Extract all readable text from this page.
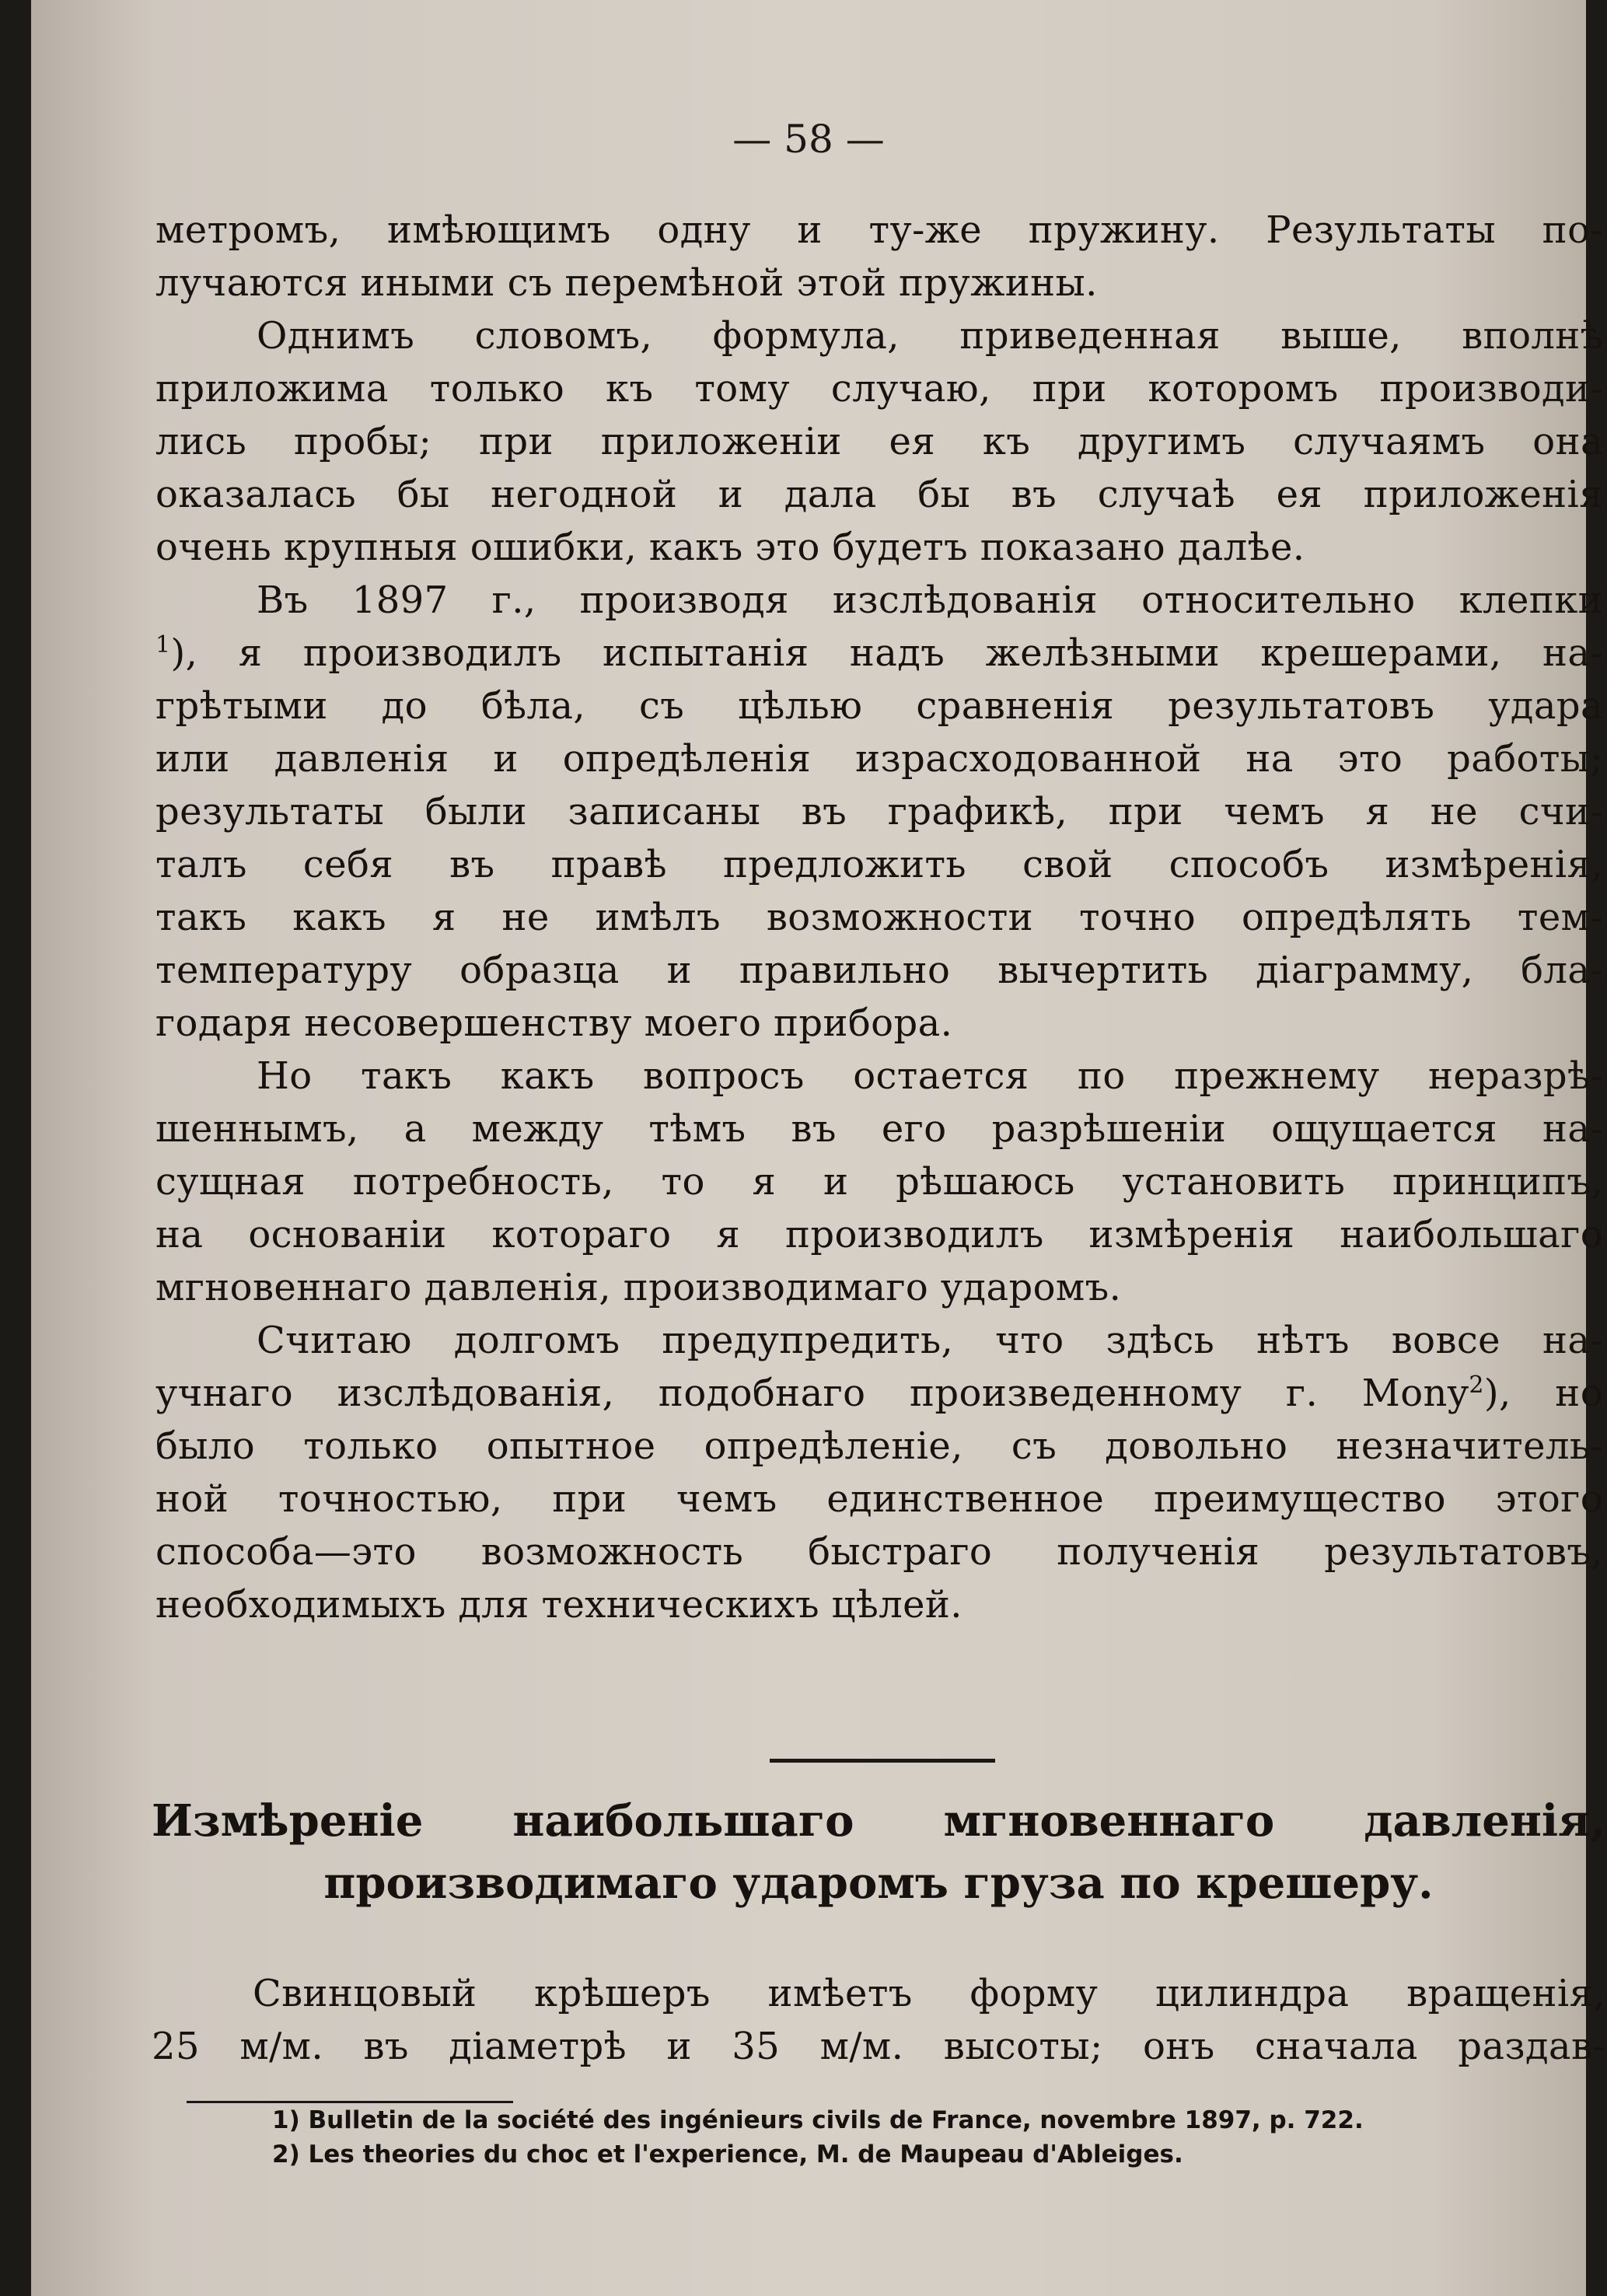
— 58 —
метромъ, имѣющимъ одну и ту-же пружину. Результаты по-
лучаются иными съ перемѣной этой пружины.
Однимъ словомъ, формула, приведенная выше, вполнѣ
приложима только къ тому случаю, при которомъ производи-
лись пробы; при приложеніи ея къ другимъ случаямъ она
оказалась бы негодной и дала бы въ случаѣ ея приложенія
очень крупныя ошибки, какъ это будетъ показано далѣе.
Въ 1897 г., производя изслѣдованія относительно клепки
$^1$), я производилъ испытанія надъ желѣзными крешерами, на-
грѣтыми до бѣла, съ цѣлью сравненія результатовъ удара
или давленія и опредѣленія израсходованной на это работы;
результаты были записаны въ графикѣ, при чемъ я не счи-
талъ себя въ правѣ предложить свой способъ измѣренія,
такъ какъ я не имѣлъ возможности точно опредѣлять тем-
температуру образца и правильно вычертить діаграмму, бла-
годаря несовершенству моего прибора.
Но такъ какъ вопросъ остается по прежнему неразрѣ-
шеннымъ, а между тѣмъ въ его разрѣшеніи ощущается на-
сущная потребность, то я и рѣшаюсь установить принципъ,
на основаніи котораго я производилъ измѣренія наибольшаго
мгновеннаго давленія, производимаго ударомъ.
Считаю долгомъ предупредить, что здѣсь нѣтъ вовсе на-
учнаго изслѣдованія, подобнаго произведенному г. Mony$^2$), но
было только опытное опредѣленіе, съ довольно незначитель-
ной точностью, при чемъ единственное преимущество этого
способа—это возможность быстраго полученія результатовъ,
необходимыхъ для техническихъ цѣлей.
Измѣреніе наибольшаго мгновеннаго давленія,
производимаго ударомъ груза по крешеру.
Свинцовый крѣшеръ имѣетъ форму цилиндра вращенія,
25 м/м. въ діаметрѣ и 35 м/м. высоты; онъ сначала раздав-
1) Bulletin de la société des ingénieurs civils de France, novembre 1897, p. 722.
2) Les theories du choc et l'experience, M. de Maupeau d'Ableiges.
